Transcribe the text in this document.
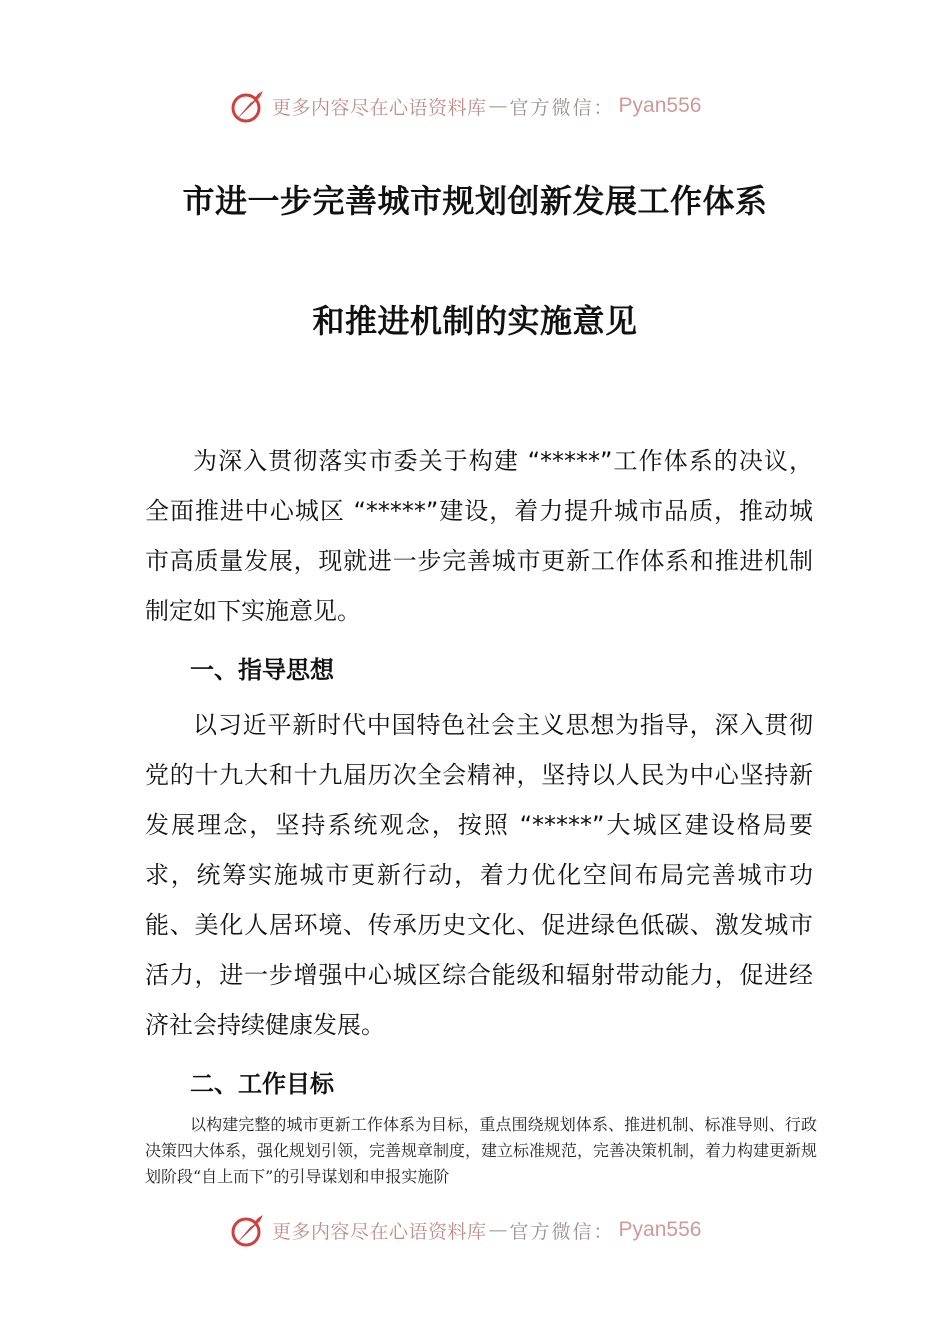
更多内容尽在心语资料库 — 官方微信： Pyan556
市进一步完善城市规划创新发展工作体系
和推进机制的实施意见

为深入贯彻落实市委关于构建 “*****”工作体系的决议，全面推进中心城区 “*****”建设，着力提升城市品质，推动城市高质量发展，现就进一步完善城市更新工作体系和推进机制制定如下实施意见。

一、指导思想

以习近平新时代中国特色社会主义思想为指导，深入贯彻党的十九大和十九届历次全会精神，坚持以人民为中心坚持新发展理念，坚持系统观念，按照 “*****”大城区建设格局要求，统筹实施城市更新行动，着力优化空间布局完善城市功能、美化人居环境、传承历史文化、促进绿色低碳、激发城市活力，进一步增强中心城区综合能级和辐射带动能力，促进经济社会持续健康发展。

二、工作目标

以构建完整的城市更新工作体系为目标，重点围绕规划体系、推进机制、标准导则、行政决策四大体系，强化规划引领，完善规章制度，建立标准规范，完善决策机制，着力构建更新规划阶段“自上而下”的引导谋划和申报实施阶

更多内容尽在心语资料库 — 官方微信： Pyan556
